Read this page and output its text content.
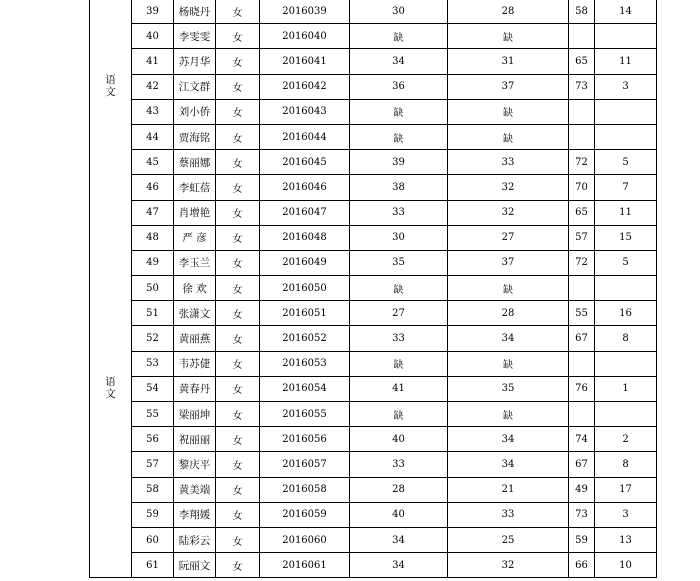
	39	杨晓丹	女	2016039	30	28	58	14
	40	李雯雯	女	2016040	缺	缺		
	41	苏月华	女	2016041	34	31	65	11
语文	42	江文群	女	2016042	36	37	73	3
	43	刘小侨	女	2016043	缺	缺		
	44	贾海铭	女	2016044	缺	缺		
	45	蔡丽娜	女	2016045	39	33	72	5
	46	李虹蓓	女	2016046	38	32	70	7
	47	肖增艳	女	2016047	33	32	65	11
	48	严 彦	女	2016048	30	27	57	15
	49	李玉兰	女	2016049	35	37	72	5
	50	徐 欢	女	2016050	缺	缺		
	51	张潇文	女	2016051	27	28	55	16
	52	黄丽燕	女	2016052	33	34	67	8
	53	韦苏倢	女	2016053	缺	缺		
语文	54	黄春丹	女	2016054	41	35	76	1
	55	梁丽坤	女	2016055	缺	缺		
	56	祝丽丽	女	2016056	40	34	74	2
	57	黎庆平	女	2016057	33	34	67	8
	58	黄美端	女	2016058	28	21	49	17
	59	李翔媛	女	2016059	40	33	73	3
	60	陆彩云	女	2016060	34	25	59	13
	61	阮丽文	女	2016061	34	32	66	10
